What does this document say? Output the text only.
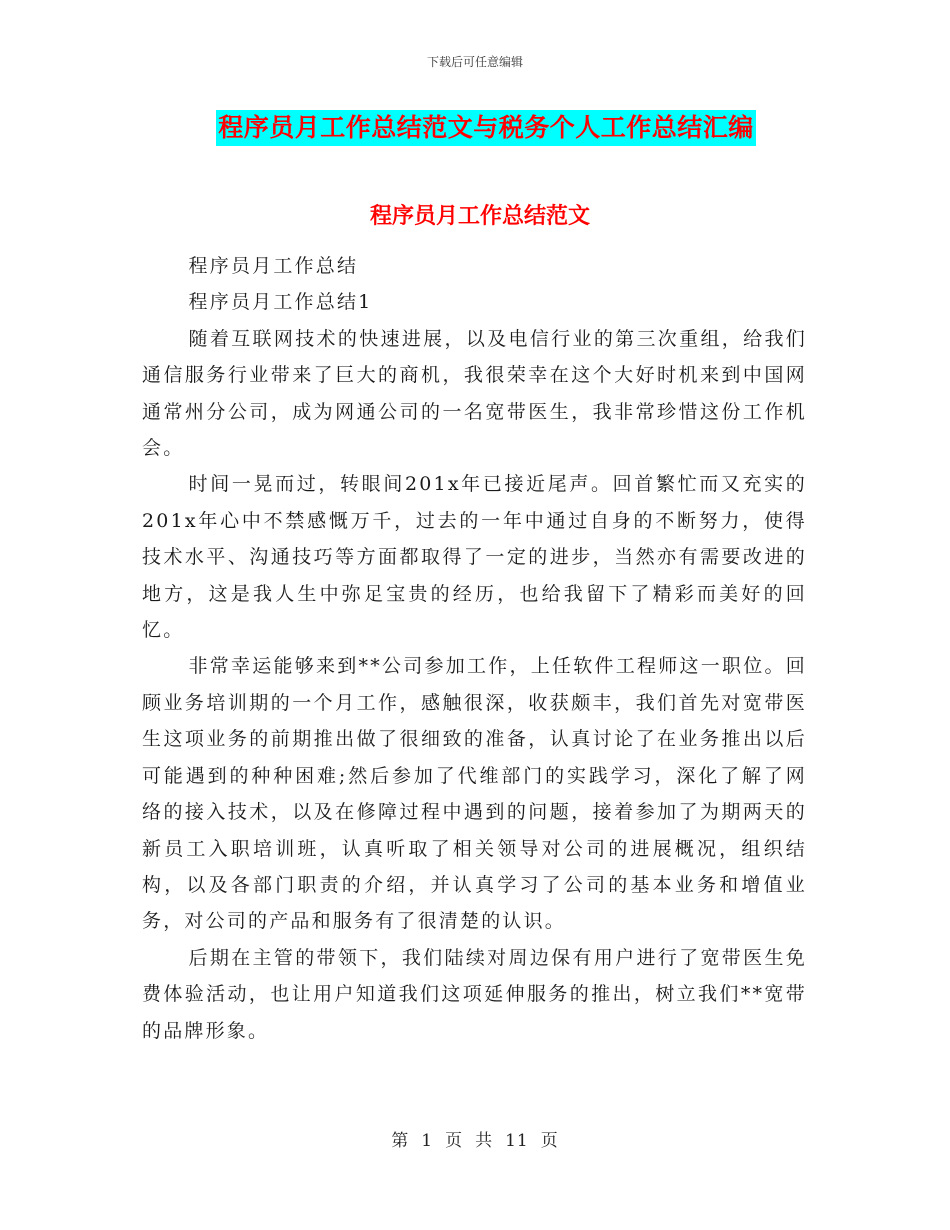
下载后可任意编辑
程序员月工作总结范文与税务个人工作总结汇编
程序员月工作总结范文

程序员月工作总结

程序员月工作总结1

随着互联网技术的快速进展，以及电信行业的第三次重组，给我们通信服务行业带来了巨大的商机，我很荣幸在这个大好时机来到中国网通常州分公司，成为网通公司的一名宽带医生，我非常珍惜这份工作机会。

时间一晃而过，转眼间201x年已接近尾声。回首繁忙而又充实的201x年心中不禁感慨万千，过去的一年中通过自身的不断努力，使得技术水平、沟通技巧等方面都取得了一定的进步，当然亦有需要改进的地方，这是我人生中弥足宝贵的经历，也给我留下了精彩而美好的回忆。

非常幸运能够来到**公司参加工作，上任软件工程师这一职位。回顾业务培训期的一个月工作，感触很深，收获颇丰，我们首先对宽带医生这项业务的前期推出做了很细致的准备，认真讨论了在业务推出以后可能遇到的种种困难;然后参加了代维部门的实践学习，深化了解了网络的接入技术，以及在修障过程中遇到的问题，接着参加了为期两天的新员工入职培训班，认真听取了相关领导对公司的进展概况，组织结构，以及各部门职责的介绍，并认真学习了公司的基本业务和增值业务，对公司的产品和服务有了很清楚的认识。

后期在主管的带领下，我们陆续对周边保有用户进行了宽带医生免费体验活动，也让用户知道我们这项延伸服务的推出，树立我们**宽带的品牌形象。

第 1 页 共 11 页
